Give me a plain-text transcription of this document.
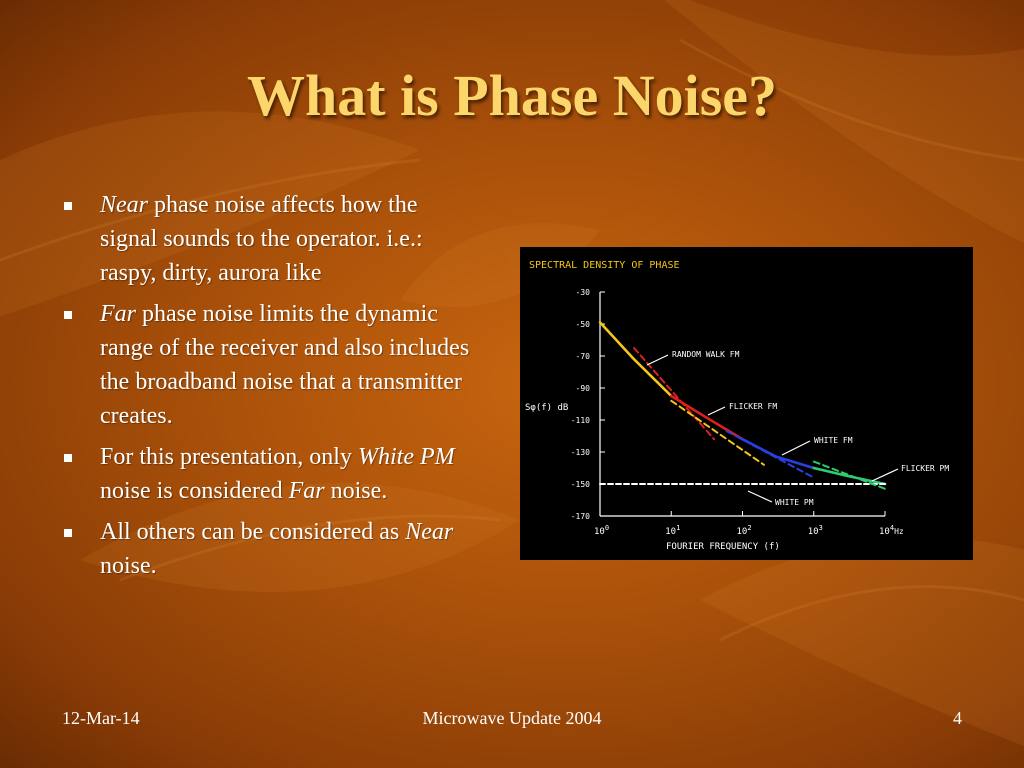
What is Phase Noise?
Near phase noise affects how the signal sounds to the operator. i.e.: raspy, dirty, aurora like
Far phase noise limits the dynamic range of the receiver and also includes the broadband noise that a transmitter creates.
For this presentation, only White PM noise is considered Far noise.
All others can be considered as Near noise.
SPECTRAL DENSITY OF PHASE
Sφ(f) dB
FOURIER FREQUENCY (f)
-30
-50
-70
-90
-110
-130
-150
-170
$10^0$	$10^1$	$10^2$	$10^3$	$10^4Hz$
RANDOM WALK FM
FLICKER FM
WHITE FM
FLICKER PM
WHITE PM
12-Mar-14	Microwave Update 2004	4
